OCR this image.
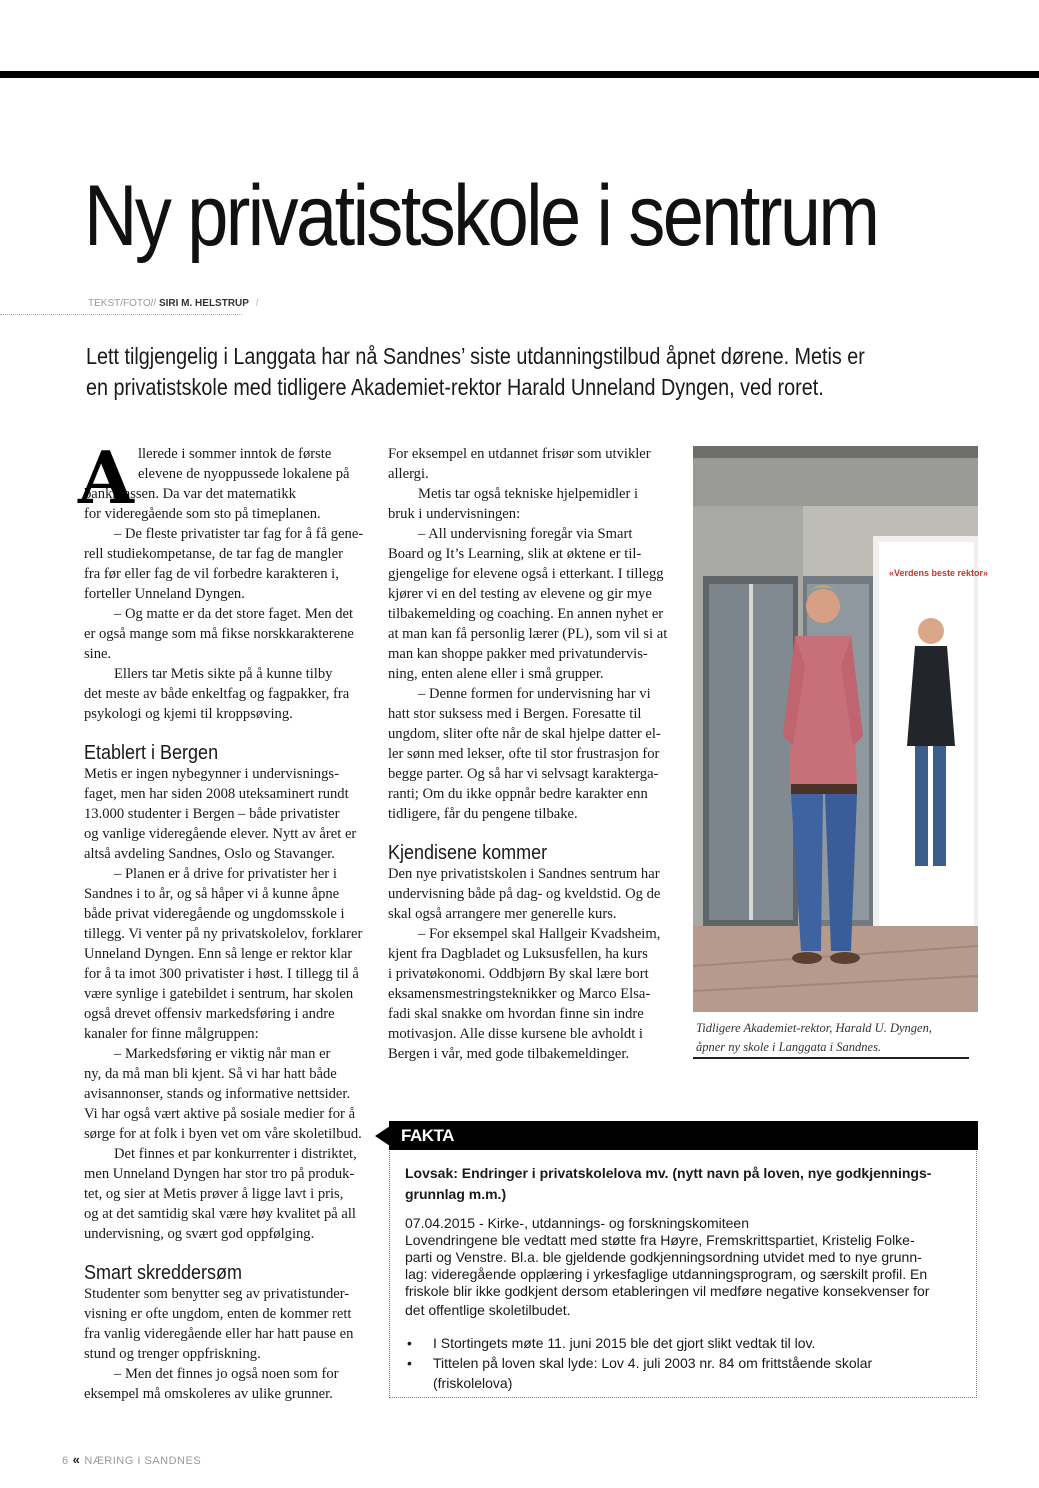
Ny privatistskole i sentrum
TEKST/FOTO// SIRI M. HELSTRUP /
Lett tilgjengelig i Langgata har nå Sandnes’ siste utdanningstilbud åpnet dørene. Metis er
en privatistskole med tidligere Akademiet-rektor Harald Unneland Dyngen, ved roret.
A llerede i sommer inntok de første
elevene de nyoppussede lokalene på
bankplassen. Da var det matematikk
for videregående som sto på timeplanen.
– De fleste privatister tar fag for å få gene-
rell studiekompetanse, de tar fag de mangler
fra før eller fag de vil forbedre karakteren i,
forteller Unneland Dyngen.
– Og matte er da det store faget. Men det
er også mange som må fikse norskkarakterene
sine.
Ellers tar Metis sikte på å kunne tilby
det meste av både enkeltfag og fagpakker, fra
psykologi og kjemi til kroppsøving.
Etablert i Bergen
Metis er ingen nybegynner i undervisnings-
faget, men har siden 2008 uteksaminert rundt
13.000 studenter i Bergen – både privatister
og vanlige videregående elever. Nytt av året er
altså avdeling Sandnes, Oslo og Stavanger.
– Planen er å drive for privatister her i
Sandnes i to år, og så håper vi å kunne åpne
både privat videregående og ungdomsskole i
tillegg. Vi venter på ny privatskolelov, forklarer
Unneland Dyngen. Enn så lenge er rektor klar
for å ta imot 300 privatister i høst. I tillegg til å
være synlige i gatebildet i sentrum, har skolen
også drevet offensiv markedsføring i andre
kanaler for finne målgruppen:
– Markedsføring er viktig når man er
ny, da må man bli kjent. Så vi har hatt både
avisannonser, stands og informative nettsider.
Vi har også vært aktive på sosiale medier for å
sørge for at folk i byen vet om våre skoletilbud.
Det finnes et par konkurrenter i distriktet,
men Unneland Dyngen har stor tro på produk-
tet, og sier at Metis prøver å ligge lavt i pris,
og at det samtidig skal være høy kvalitet på all
undervisning, og svært god oppfølging.
Smart skreddersøm
Studenter som benytter seg av privatistunder-
visning er ofte ungdom, enten de kommer rett
fra vanlig videregående eller har hatt pause en
stund og trenger oppfriskning.
– Men det finnes jo også noen som for
eksempel må omskoleres av ulike grunner.
For eksempel en utdannet frisør som utvikler
allergi.
Metis tar også tekniske hjelpemidler i
bruk i undervisningen:
– All undervisning foregår via Smart
Board og It’s Learning, slik at øktene er til-
gjengelige for elevene også i etterkant. I tillegg
kjører vi en del testing av elevene og gir mye
tilbakemelding og coaching. En annen nyhet er
at man kan få personlig lærer (PL), som vil si at
man kan shoppe pakker med privatundervis-
ning, enten alene eller i små grupper.
– Denne formen for undervisning har vi
hatt stor suksess med i Bergen. Foresatte til
ungdom, sliter ofte når de skal hjelpe datter el-
ler sønn med lekser, ofte til stor frustrasjon for
begge parter. Og så har vi selvsagt karakterga-
ranti; Om du ikke oppnår bedre karakter enn
tidligere, får du pengene tilbake.
Kjendisene kommer
Den nye privatistskolen i Sandnes sentrum har
undervisning både på dag- og kveldstid. Og de
skal også arrangere mer generelle kurs.
– For eksempel skal Hallgeir Kvadsheim,
kjent fra Dagbladet og Luksusfellen, ha kurs
i privatøkonomi. Oddbjørn By skal lære bort
eksamensmestringsteknikker og Marco Elsa-
fadi skal snakke om hvordan finne sin indre
motivasjon. Alle disse kursene ble avholdt i
Bergen i vår, med gode tilbakemeldinger.
«Verdens beste rektor»
Tidligere Akademiet-rektor, Harald U. Dyngen,
åpner ny skole i Langgata i Sandnes.
FAKTA
Lovsak: Endringer i privatskolelova mv. (nytt navn på loven, nye godkjennings-
grunnlag m.m.)
07.04.2015 - Kirke-, utdannings- og forskningskomiteen
Lovendringene ble vedtatt med støtte fra Høyre, Fremskrittspartiet, Kristelig Folke-
parti og Venstre. Bl.a. ble gjeldende godkjenningsordning utvidet med to nye grunn-
lag: videregående opplæring i yrkesfaglige utdanningsprogram, og særskilt profil. En
friskole blir ikke godkjent dersom etableringen vil medføre negative konsekvenser for
det offentlige skoletilbudet.
•	I Stortingets møte 11. juni 2015 ble det gjort slikt vedtak til lov.
•	Tittelen på loven skal lyde: Lov 4. juli 2003 nr. 84 om frittstående skolar
(friskolelova)
6 « NÆRING I SANDNES
